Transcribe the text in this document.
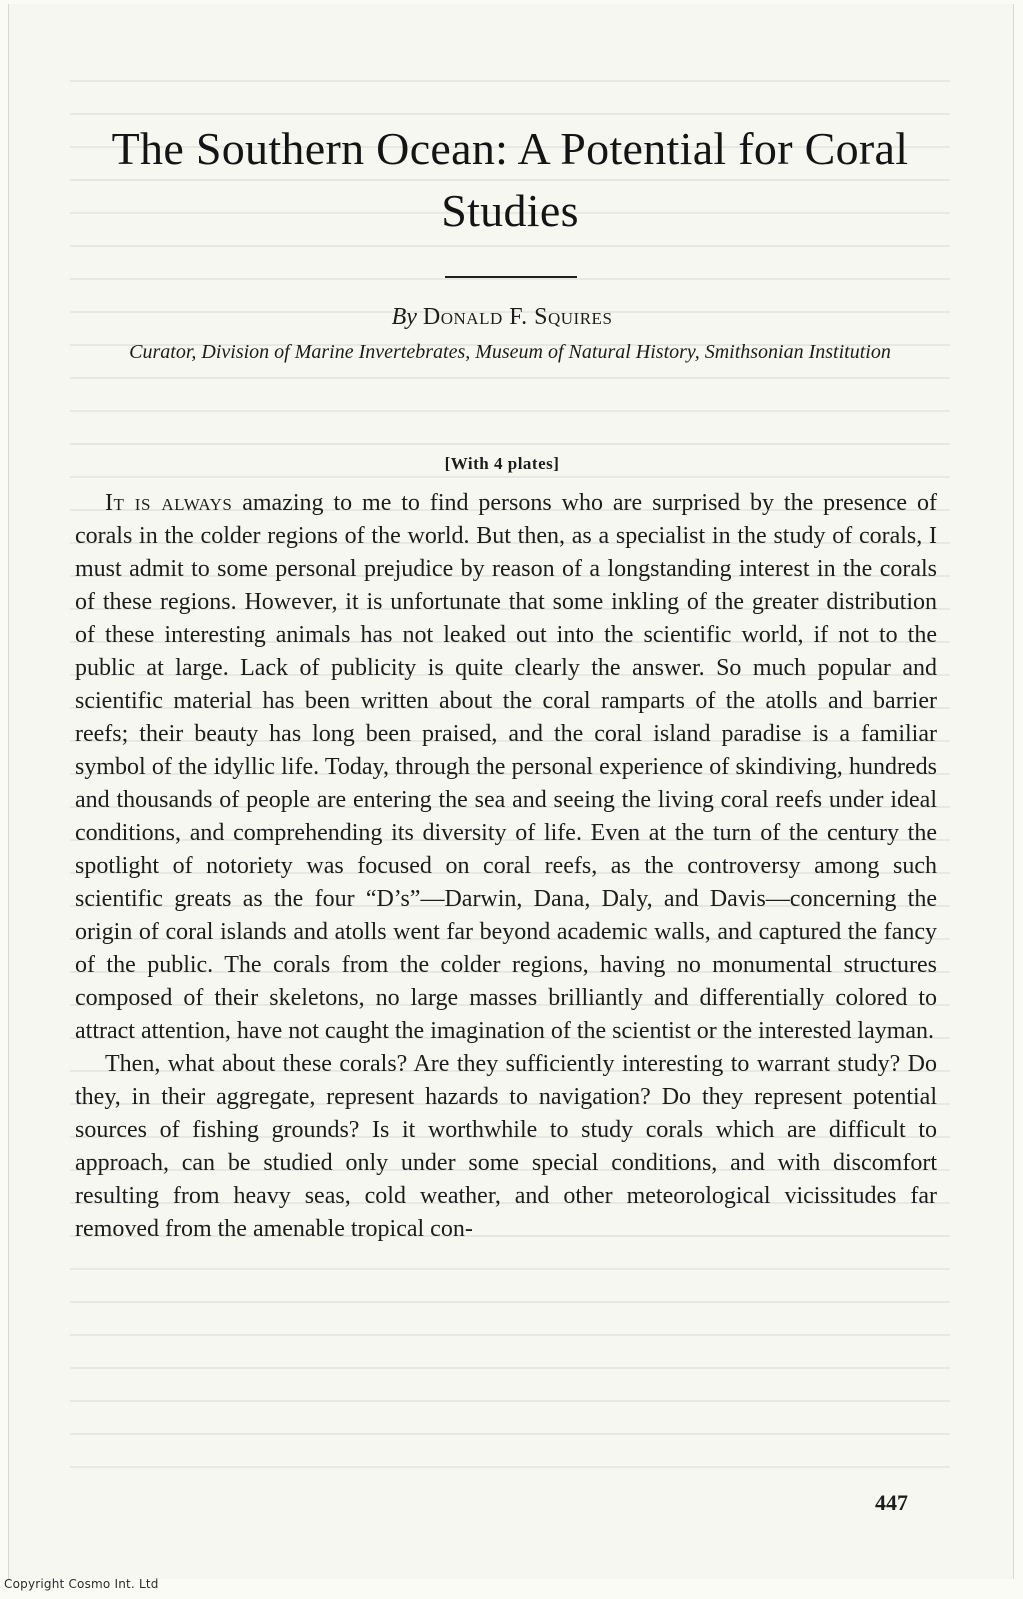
The Southern Ocean: A Potential for Coral Studies
By Donald F. Squires
Curator, Division of Marine Invertebrates, Museum of Natural History, Smithsonian Institution
[With 4 plates]

It is always amazing to me to find persons who are surprised by the presence of corals in the colder regions of the world. But then, as a specialist in the study of corals, I must admit to some personal prejudice by reason of a longstanding interest in the corals of these regions. However, it is unfortunate that some inkling of the greater distribution of these interesting animals has not leaked out into the scientific world, if not to the public at large. Lack of publicity is quite clearly the answer. So much popular and scientific material has been written about the coral ramparts of the atolls and barrier reefs; their beauty has long been praised, and the coral island paradise is a familiar symbol of the idyllic life. Today, through the personal experience of skindiving, hundreds and thousands of people are entering the sea and seeing the living coral reefs under ideal conditions, and comprehending its diversity of life. Even at the turn of the century the spotlight of notoriety was focused on coral reefs, as the controversy among such scientific greats as the four “D’s”—Darwin, Dana, Daly, and Davis—concerning the origin of coral islands and atolls went far beyond academic walls, and captured the fancy of the public. The corals from the colder regions, having no monumental structures composed of their skeletons, no large masses brilliantly and differentially colored to attract attention, have not caught the imagination of the scientist or the interested layman.

Then, what about these corals? Are they sufficiently interesting to warrant study? Do they, in their aggregate, represent hazards to navigation? Do they represent potential sources of fishing grounds? Is it worthwhile to study corals which are difficult to approach, can be studied only under some special conditions, and with discomfort resulting from heavy seas, cold weather, and other meteorological vicissitudes far removed from the amenable tropical con-

447
Copyright Cosmo Int. Ltd
